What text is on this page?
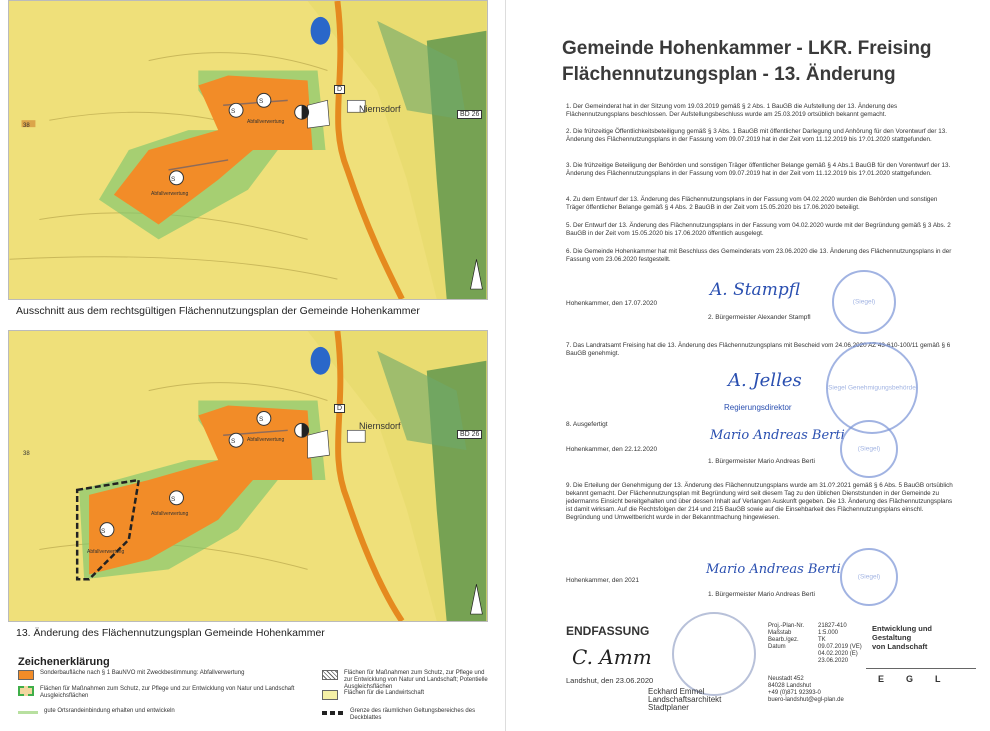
S
S
S
Abfallverwertung
Abfallverwertung
Niernsdorf
BD 26
38
D
Ausschnitt aus dem rechtsgültigen Flächennutzungsplan der Gemeinde Hohenkammer
S
S
S
S
Abfallverwertung
Abfallverwertung
Abfallverwertung
Niernsdorf
BD 26
38
D
13. Änderung des Flächennutzungsplan Gemeinde Hohenkammer
Zeichenerklärung
Sonderbaufläche nach § 1 BauNVO mit Zweckbestimmung: Abfallverwertung
Flächen für Maßnahmen zum Schutz, zur Pflege und zur Entwicklung von Natur und Landschaft Ausgleichsflächen
gute Ortsrandeinbindung erhalten und entwickeln
Flächen für Maßnahmen zum Schutz, zur Pflege und zur Entwicklung von Natur und Landschaft; Potentielle Ausgleichsflächen
Flächen für die Landwirtschaft
Grenze des räumlichen Geltungsbereiches des Deckblattes
Gemeinde Hohenkammer - LKR. Freising
Flächennutzungsplan - 13. Änderung
1. Der Gemeinderat hat in der Sitzung vom 19.03.2019 gemäß § 2 Abs. 1 BauGB die Aufstellung der 13. Änderung des Flächennutzungsplans beschlossen. Der Aufstellungsbeschluss wurde am 25.03.2019 ortsüblich bekannt gemacht.
2. Die frühzeitige Öffentlichkeitsbeteiligung gemäß § 3 Abs. 1 BauGB mit öffentlicher Darlegung und Anhörung für den Vorentwurf der 13. Änderung des Flächennutzungsplans in der Fassung vom 09.07.2019 hat in der Zeit vom 11.12.2019 bis 1?.01.2020 stattgefunden.
3. Die frühzeitige Beteiligung der Behörden und sonstigen Träger öffentlicher Belange gemäß § 4 Abs.1 BauGB für den Vorentwurf der 13. Änderung des Flächennutzungsplans in der Fassung vom 09.07.2019 hat in der Zeit vom 11.12.2019 bis 1?.01.2020 stattgefunden.
4. Zu dem Entwurf der 13. Änderung des Flächennutzungsplans in der Fassung vom 04.02.2020 wurden die Behörden und sonstigen Träger öffentlicher Belange gemäß § 4 Abs. 2 BauGB in der Zeit vom 15.05.2020 bis 17.06.2020 beteiligt.
5. Der Entwurf der 13. Änderung des Flächennutzungsplans in der Fassung vom 04.02.2020 wurde mit der Begründung gemäß § 3 Abs. 2 BauGB in der Zeit vom 15.05.2020 bis 17.06.2020 öffentlich ausgelegt.
6. Die Gemeinde Hohenkammer hat mit Beschluss des Gemeinderats vom 23.06.2020 die 13. Änderung des Flächennutzungsplans in der Fassung vom 23.06.2020 festgestellt.
Hohenkammer, den 17.07.2020
A. Stampfl
2. Bürgermeister Alexander Stampfl
(Siegel)
7. Das Landratsamt Freising hat die 13. Änderung des Flächennutzungsplans mit Bescheid vom 24.06.2020 AZ 43-610-100/11 gemäß § 6 BauGB genehmigt.
A. Jelles
Regierungsdirektor
(Siegel Genehmigungsbehörde)
8. Ausgefertigt
Hohenkammer, den 22.12.2020
Mario Andreas Berti
1. Bürgermeister Mario Andreas Berti
(Siegel)
9. Die Erteilung der Genehmigung der 13. Änderung des Flächennutzungsplans wurde am 31.0?.2021 gemäß § 6 Abs. 5 BauGB ortsüblich bekannt gemacht. Der Flächennutzungsplan mit Begründung wird seit diesem Tag zu den üblichen Dienststunden in der Gemeinde zu jedermanns Einsicht bereitgehalten und über dessen Inhalt auf Verlangen Auskunft gegeben. Die 13. Änderung des Flächennutzungsplans ist damit wirksam. Auf die Rechtsfolgen der 214 und 215 BauGB sowie auf die Einsehbarkeit des Flächennutzungsplans einschl. Begründung und Umweltbericht wurde in der Bekanntmachung hingewiesen.
Hohenkammer, den 2021
Mario Andreas Berti
1. Bürgermeister Mario Andreas Berti
(Siegel)
ENDFASSUNG
C. Amm
Landshut, den 23.06.2020
Eckhard Emmel
Landschaftsarchitekt
Stadtplaner
Proj.-Plan-Nr.
Maßstab
Bearb./gez.
Datum
21827-410
1:5.000
TK
09.07.2019 (VE)
04.02.2020 (E)
23.06.2020
Neustadt 452
84028 Landshut
+49 (0)871 92393-0
buero-landshut@egl-plan.de
Entwicklung und
Gestaltung
von Landschaft
EGL
